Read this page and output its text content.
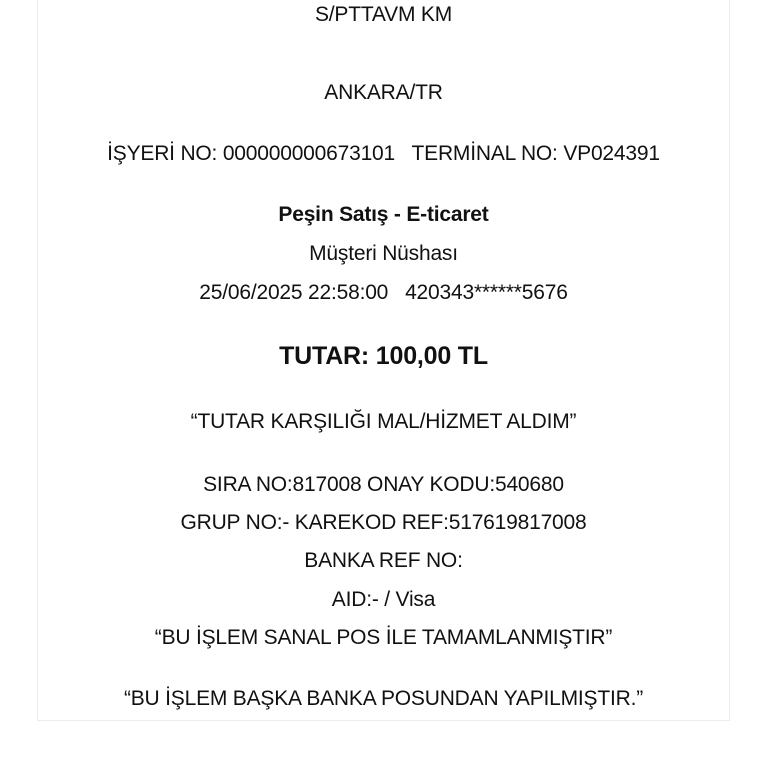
S/PTTAVM KM
ANKARA/TR
İŞYERİ NO: 000000000673101   TERMİNAL NO: VP024391
Peşin Satış - E-ticaret
Müşteri Nüshası
25/06/2025 22:58:00   420343******5676
TUTAR: 100,00 TL
“TUTAR KARŞILIĞI MAL/HİZMET ALDIM”
SIRA NO:817008 ONAY KODU:540680
GRUP NO:- KAREKOD REF:517619817008
BANKA REF NO:
AID:- / Visa
“BU İŞLEM SANAL POS İLE TAMAMLANMIŞTIR”
“BU İŞLEM BAŞKA BANKA POSUNDAN YAPILMIŞTIR.”
